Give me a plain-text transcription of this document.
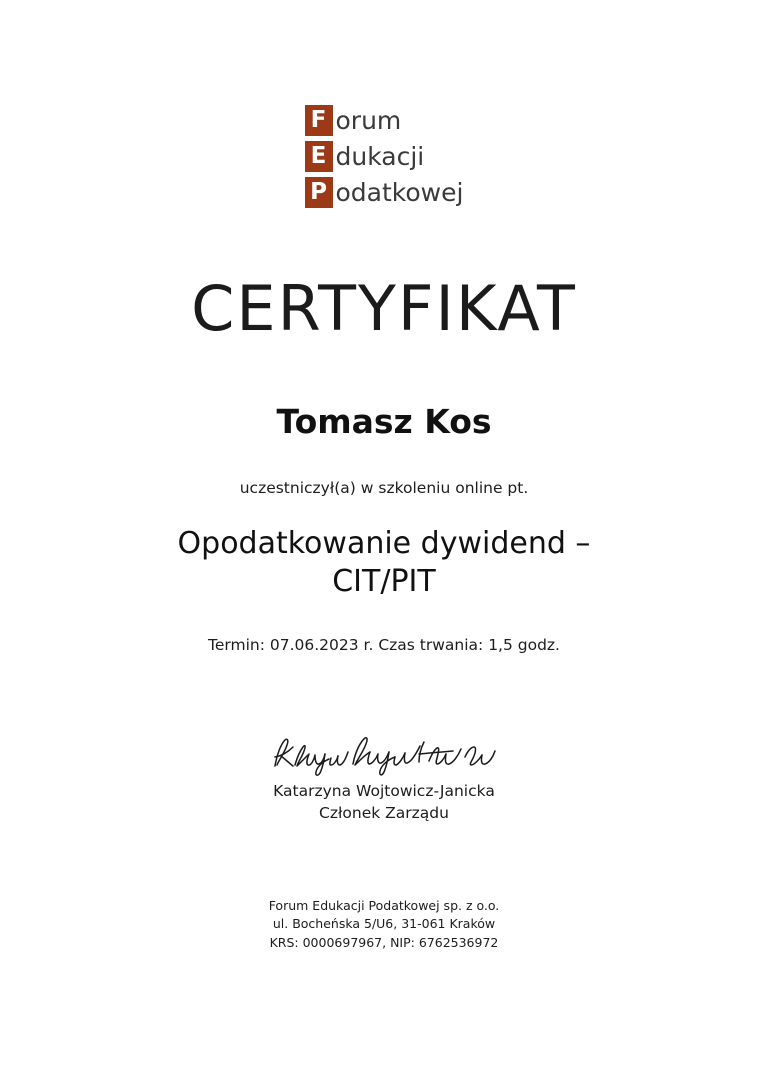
F orum
E dukacji
P odatkowej
CERTYFIKAT
Tomasz Kos
uczestniczył(a) w szkoleniu online pt.
Opodatkowanie dywidend –
CIT/PIT
Termin: 07.06.2023 r. Czas trwania: 1,5 godz.
Katarzyna Wojtowicz-Janicka
Członek Zarządu
Forum Edukacji Podatkowej sp. z o.o.
ul. Bocheńska 5/U6, 31-061 Kraków
KRS: 0000697967, NIP: 6762536972
